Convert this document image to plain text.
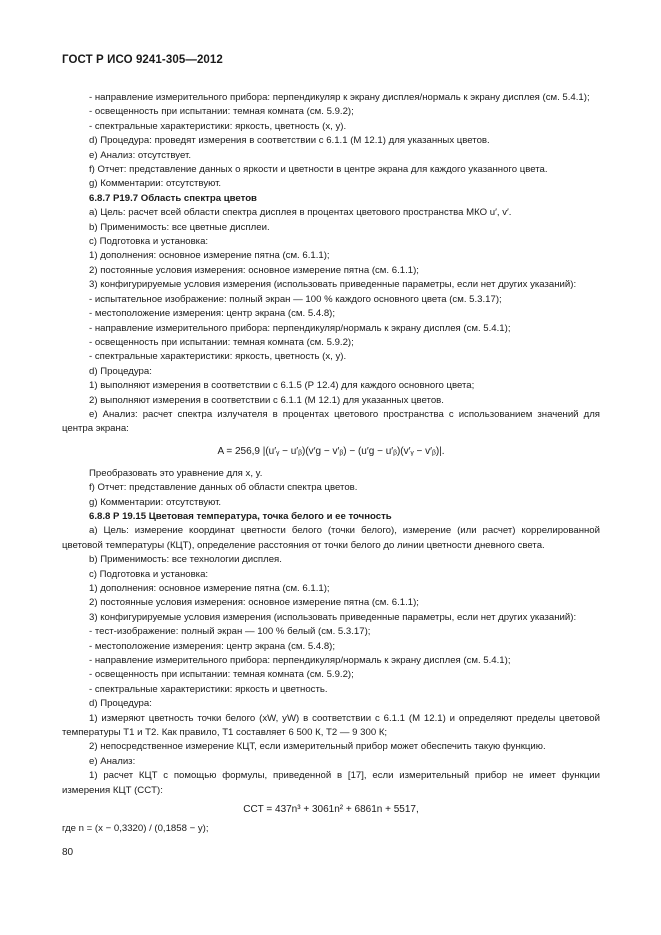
ГОСТ Р ИСО 9241-305—2012

- направление измерительного прибора: перпендикуляр к экрану дисплея/нормаль к экрану дисплея (см. 5.4.1);

- освещенность при испытании: темная комната (см. 5.9.2);

- спектральные характеристики: яркость, цветность (x, y).

d) Процедура: проведят измерения в соответствии с 6.1.1 (М 12.1) для указанных цветов.

e) Анализ: отсутствует.

f) Отчет: представление данных о яркости и цветности в центре экрана для каждого указанного цвета.

g) Комментарии: отсутствуют.

6.8.7 Р19.7 Область спектра цветов

a) Цель: расчет всей области спектра дисплея в процентах цветового пространства МКО u′, v′.

b) Применимость: все цветные дисплеи.

c) Подготовка и установка:

1) дополнения: основное измерение пятна (см. 6.1.1);

2) постоянные условия измерения: основное измерение пятна (см. 6.1.1);

3) конфигурируемые условия измерения (использовать приведенные параметры, если нет других указаний):

- испытательное изображение: полный экран — 100 % каждого основного цвета (см. 5.3.17);

- местоположение измерения: центр экрана (см. 5.4.8);

- направление измерительного прибора: перпендикуляр/нормаль к экрану дисплея (см. 5.4.1);

- освещенность при испытании: темная комната (см. 5.9.2);

- спектральные характеристики: яркость, цветность (x, y).

d) Процедура:

1) выполняют измерения в соответствии с 6.1.5 (Р 12.4) для каждого основного цвета;

2) выполняют измерения в соответствии с 6.1.1 (М 12.1) для указанных цветов.

e) Анализ: расчет спектра излучателя в процентах цветового пространства с использованием значений для центра экрана:

A = 256,9 |(u′ᵧ − u′ᵦ)(v′g − v′ᵦ) − (u′g − u′ᵦ)(v′ᵧ − v′ᵦ)|.

Преобразовать это уравнение для x, y.

f) Отчет: представление данных об области спектра цветов.

g) Комментарии: отсутствуют.

6.8.8 Р 19.15 Цветовая температура, точка белого и ее точность

a) Цель: измерение координат цветности белого (точки белого), измерение (или расчет) коррелированной цветовой температуры (КЦТ), определение расстояния от точки белого до линии цветности дневного света.

b) Применимость: все технологии дисплея.

c) Подготовка и установка:

1) дополнения: основное измерение пятна (см. 6.1.1);

2) постоянные условия измерения: основное измерение пятна (см. 6.1.1);

3) конфигурируемые условия измерения (использовать приведенные параметры, если нет других указаний):

- тест-изображение: полный экран — 100 % белый (см. 5.3.17);

- местоположение измерения: центр экрана (см. 5.4.8);

- направление измерительного прибора: перпендикуляр/нормаль к экрану дисплея (см. 5.4.1);

- освещенность при испытании: темная комната (см. 5.9.2);

- спектральные характеристики: яркость и цветность.

d) Процедура:

1) измеряют цветность точки белого (xW, yW) в соответствии с 6.1.1 (М 12.1) и определяют пределы цветовой температуры T1 и T2. Как правило, T1 составляет 6 500 К, T2 — 9 300 К;

2) непосредственное измерение КЦТ, если измерительный прибор может обеспечить такую функцию.

e) Анализ:

1) расчет КЦТ с помощью формулы, приведенной в [17], если измерительный прибор не имеет функции измерения КЦТ (CCT):

CCT = 437n³ + 3061n² + 6861n + 5517,

где n = (x − 0,3320) / (0,1858 − y);

80
